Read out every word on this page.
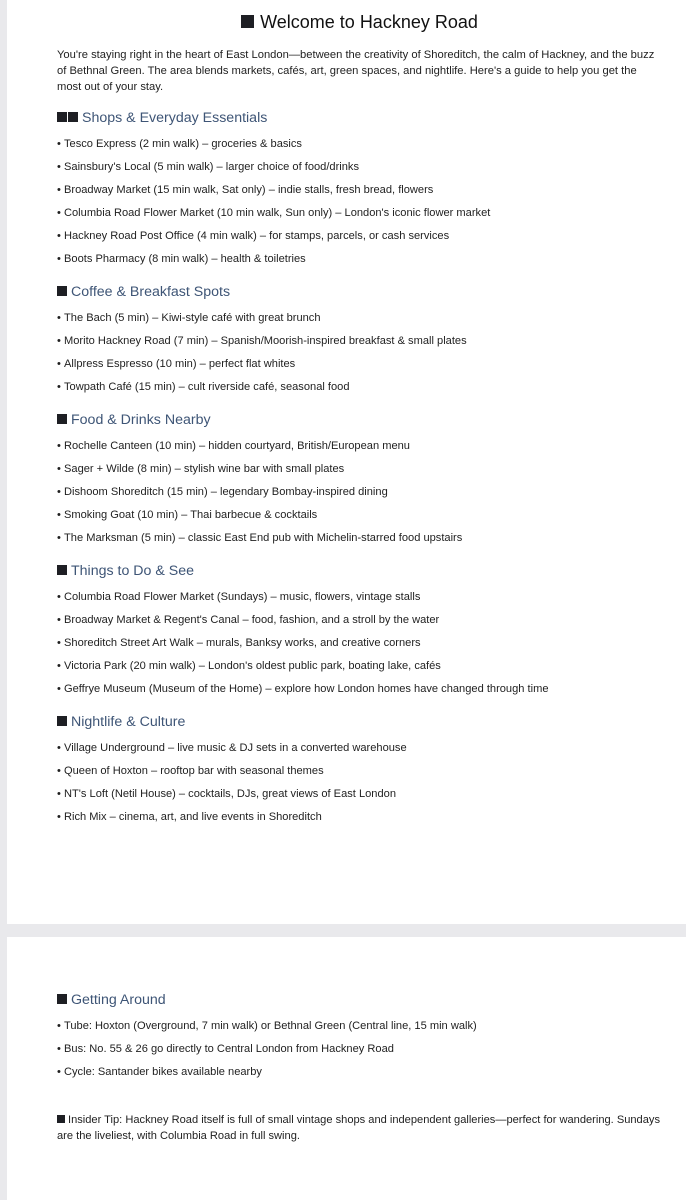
Welcome to Hackney Road

You're staying right in the heart of East London—between the creativity of Shoreditch, the calm of Hackney, and the buzz of Bethnal Green. The area blends markets, cafés, art, green spaces, and nightlife. Here's a guide to help you get the most out of your stay.

Shops & Everyday Essentials
• Tesco Express (2 min walk) – groceries & basics
• Sainsbury's Local (5 min walk) – larger choice of food/drinks
• Broadway Market (15 min walk, Sat only) – indie stalls, fresh bread, flowers
• Columbia Road Flower Market (10 min walk, Sun only) – London's iconic flower market
• Hackney Road Post Office (4 min walk) – for stamps, parcels, or cash services
• Boots Pharmacy (8 min walk) – health & toiletries
Coffee & Breakfast Spots
• The Bach (5 min) – Kiwi-style café with great brunch
• Morito Hackney Road (7 min) – Spanish/Moorish-inspired breakfast & small plates
• Allpress Espresso (10 min) – perfect flat whites
• Towpath Café (15 min) – cult riverside café, seasonal food
Food & Drinks Nearby
• Rochelle Canteen (10 min) – hidden courtyard, British/European menu
• Sager + Wilde (8 min) – stylish wine bar with small plates
• Dishoom Shoreditch (15 min) – legendary Bombay-inspired dining
• Smoking Goat (10 min) – Thai barbecue & cocktails
• The Marksman (5 min) – classic East End pub with Michelin-starred food upstairs
Things to Do & See
• Columbia Road Flower Market (Sundays) – music, flowers, vintage stalls
• Broadway Market & Regent's Canal – food, fashion, and a stroll by the water
• Shoreditch Street Art Walk – murals, Banksy works, and creative corners
• Victoria Park (20 min walk) – London's oldest public park, boating lake, cafés
• Geffrye Museum (Museum of the Home) – explore how London homes have changed through time
Nightlife & Culture
• Village Underground – live music & DJ sets in a converted warehouse
• Queen of Hoxton – rooftop bar with seasonal themes
• NT's Loft (Netil House) – cocktails, DJs, great views of East London
• Rich Mix – cinema, art, and live events in Shoreditch
Getting Around
• Tube: Hoxton (Overground, 7 min walk) or Bethnal Green (Central line, 15 min walk)
• Bus: No. 55 & 26 go directly to Central London from Hackney Road
• Cycle: Santander bikes available nearby

Insider Tip: Hackney Road itself is full of small vintage shops and independent galleries—perfect for wandering. Sundays are the liveliest, with Columbia Road in full swing.
